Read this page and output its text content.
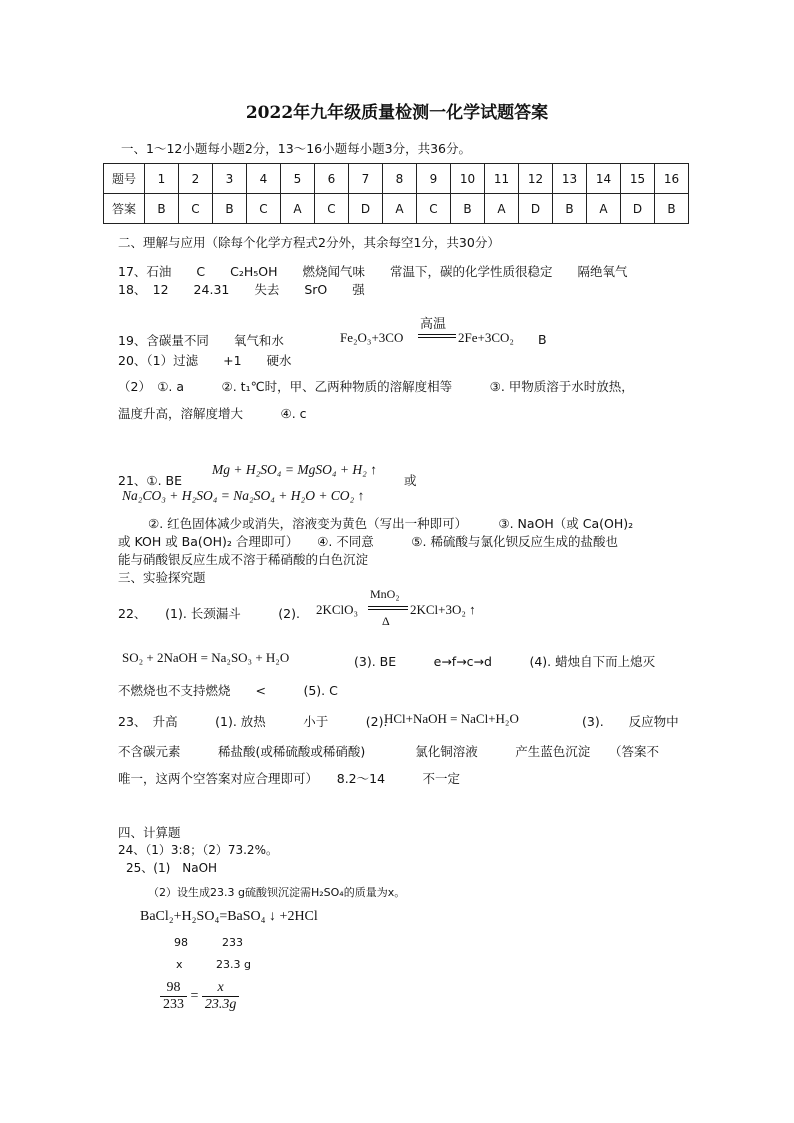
2022年九年级质量检测一化学试题答案
一、1～12小题每小题2分，13～16小题每小题3分，共36分。
题号	1	2	3	4	5	6	7	8	9	10	11	12	13	14	15	16
答案	B	C	B	C	A	C	D	A	C	B	A	D	B	A	D	B
二、理解与应用（除每个化学方程式2分外，其余每空1分，共30分）
17、石油　　C　　C₂H₅OH　　燃烧闻气味　　常温下，碳的化学性质很稳定　　隔绝氧气
18、　12　　24.31　　失去　　SrO　　强
19、含碳量不同　　氧气和水	Fe₂O₃+3CO
高温
2Fe+3CO₂ B
20、（1）过滤　　+1　　硬水
（2）　①. a　　　②. t₁℃时，甲、乙两种物质的溶解度相等　　　③. 甲物质溶于水时放热，
温度升高，溶解度增大　　　④. c
21、①. BE
Mg + H₂SO₄ = MgSO₄ + H₂ ↑
或
Na₂CO₃ + H₂SO₄ = Na₂SO₄ + H₂O + CO₂ ↑
②. 红色固体减少或消失，溶液变为黄色（写出一种即可）　　　③. NaOH（或 Ca(OH)₂
或 KOH 或 Ba(OH)₂ 合理即可）　　④. 不同意　　　⑤. 稀硫酸与氯化钡反应生成的盐酸也
能与硝酸银反应生成不溶于稀硝酸的白色沉淀
三、实验探究题
22、　　(1). 长颈漏斗　　　(2). 2KClO₃
MnO₂
Δ
2KCl+3O₂ ↑
SO₂ + 2NaOH = Na₂SO₃ + H₂O	(3). BE　　　e→f→c→d　　　(4). 蜡烛自下而上熄灭
不燃烧也不支持燃烧　　<　　　(5). C
23、　升高　　　(1). 放热　　　小于　　　(2).
HCl+NaOH = NaCl+H₂O	(3).　　反应物中
不含碳元素　　　稀盐酸(或稀硫酸或稀硝酸)　　　　氯化铜溶液　　　产生蓝色沉淀　　（答案不
唯一，这两个空答案对应合理即可）　　8.2～14　　　不一定
四、计算题
24、（1）3:8；（2）73.2%。
25、(1)　NaOH
（2）设生成23.3 g硫酸钡沉淀需H₂SO₄的质量为x。
BaCl₂+H₂SO₄=BaSO₄ ↓ +2HCl
98	233
x	23.3 g
$\frac{98}{233} = \frac{x}{23.3g}$
